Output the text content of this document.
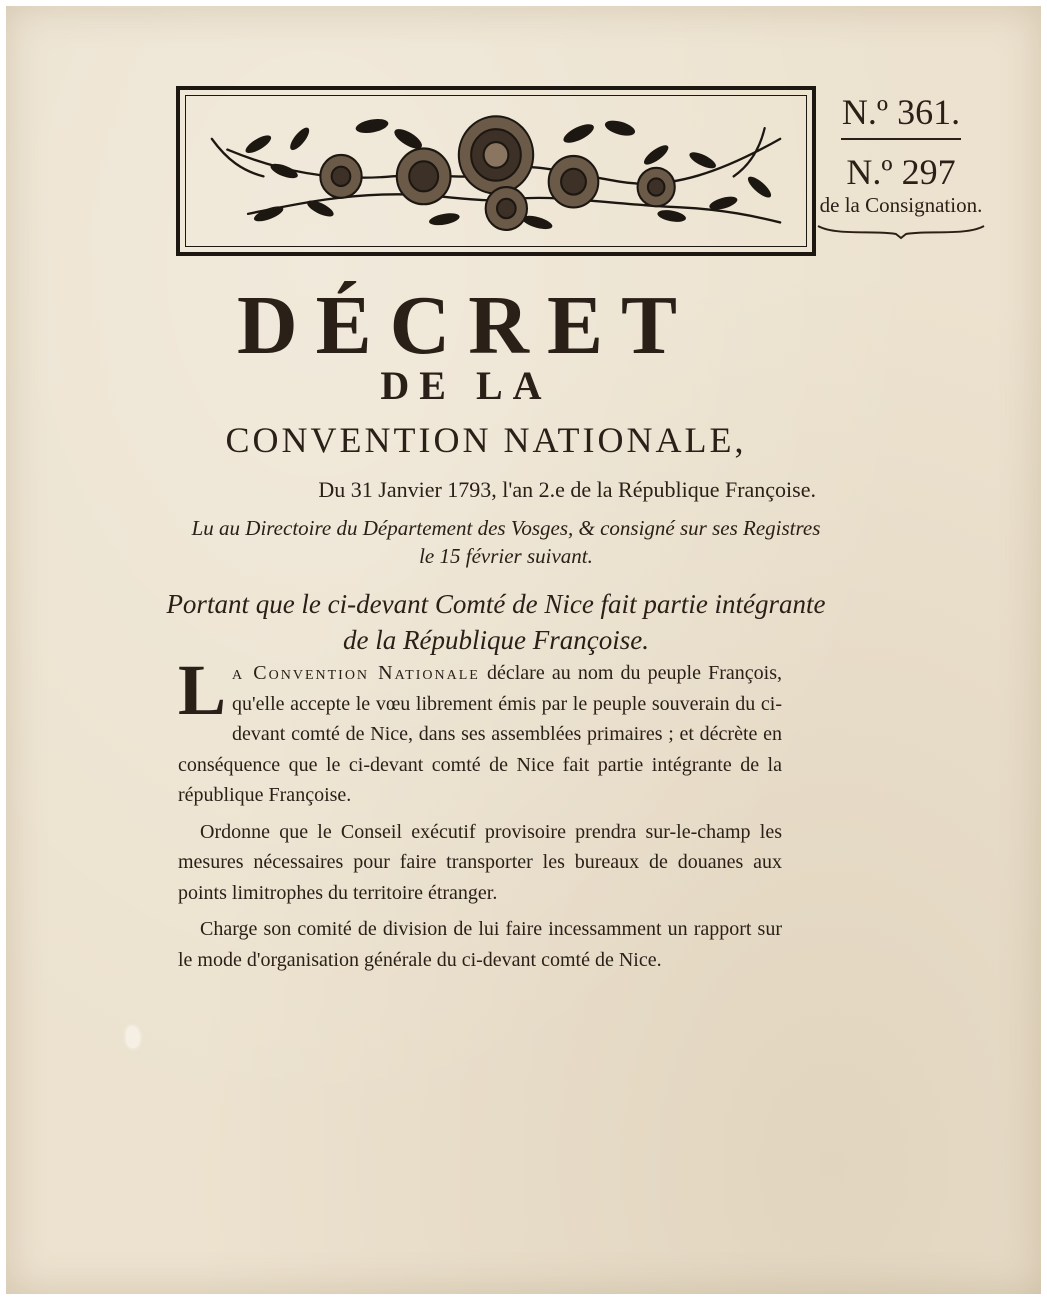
N.º 361.
N.º 297
de la Consignation.
DÉCRET
DE LA
CONVENTION NATIONALE,
Du 31 Janvier 1793, l'an 2.e de la République Françoise.
Lu au Directoire du Département des Vosges, & consigné sur ses Registres le 15 février suivant.
Portant que le ci-devant Comté de Nice fait partie intégrante de la République Françoise.

La Convention Nationale déclare au nom du peuple François, qu'elle accepte le vœu librement émis par le peuple souverain du ci-devant comté de Nice, dans ses assemblées primaires ; et décrète en conséquence que le ci-devant comté de Nice fait partie intégrante de la république Françoise.

Ordonne que le Conseil exécutif provisoire prendra sur-le-champ les mesures nécessaires pour faire transporter les bureaux de douanes aux points limitrophes du territoire étranger.

Charge son comité de division de lui faire incessamment un rapport sur le mode d'organisation générale du ci-devant comté de Nice.
